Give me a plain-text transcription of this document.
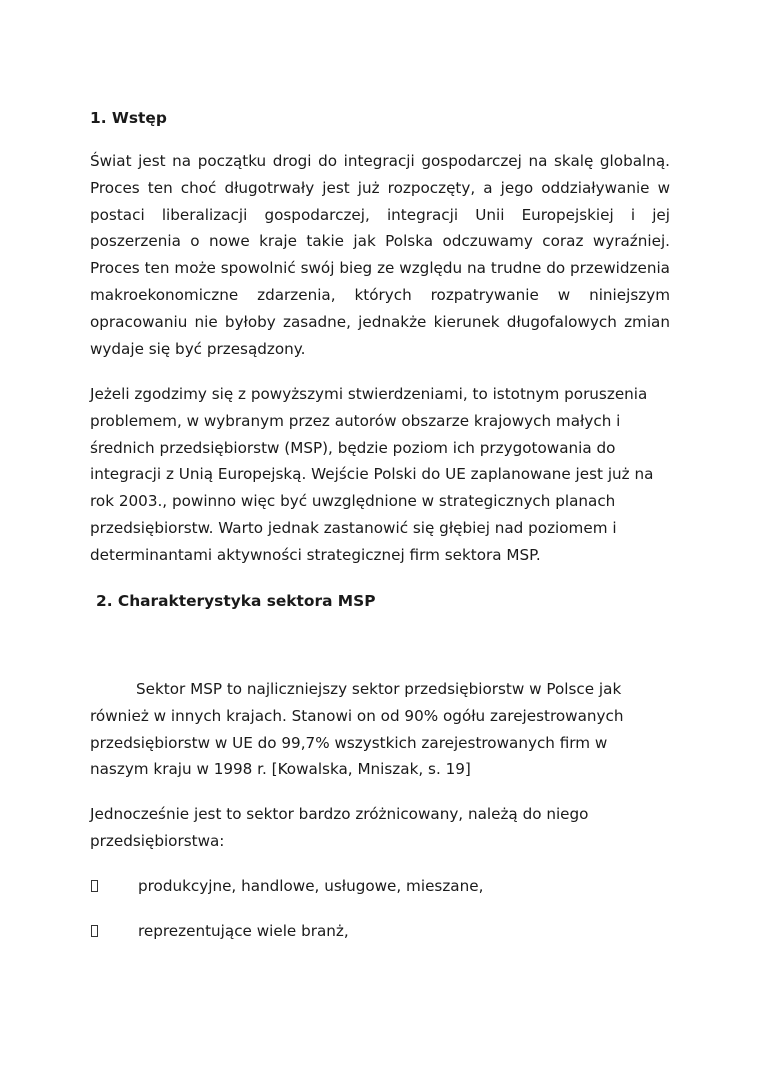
1. Wstęp
Świat jest na początku drogi do integracji gospodarczej na skalę globalną. Proces ten choć długotrwały jest już rozpoczęty, a jego oddziaływanie w postaci liberalizacji gospodarczej, integracji Unii Europejskiej i jej poszerzenia o nowe kraje takie jak Polska odczuwamy coraz wyraźniej. Proces ten może spowolnić swój bieg ze względu na trudne do przewidzenia makroekonomiczne zdarzenia, których rozpatrywanie w niniejszym opracowaniu nie byłoby zasadne, jednakże kierunek długofalowych zmian wydaje się być przesądzony.
Jeżeli zgodzimy się z powyższymi stwierdzeniami, to istotnym poruszenia problemem, w wybranym przez autorów obszarze krajowych małych i średnich przedsiębiorstw (MSP), będzie poziom ich przygotowania do integracji z Unią Europejską. Wejście Polski do UE zaplanowane jest już na rok 2003., powinno więc być uwzględnione w strategicznych planach przedsiębiorstw. Warto jednak zastanowić się głębiej nad poziomem i determinantami aktywności strategicznej firm sektora MSP.
2. Charakterystyka sektora MSP
Sektor MSP to najliczniejszy sektor przedsiębiorstw w Polsce jak również w innych krajach. Stanowi on od 90% ogółu zarejestrowanych przedsiębiorstw w UE do 99,7% wszystkich zarejestrowanych firm w naszym kraju w 1998 r. [Kowalska, Mniszak, s. 19]
Jednocześnie jest to sektor bardzo zróżnicowany, należą do niego przedsiębiorstwa:
produkcyjne, handlowe, usługowe, mieszane,
reprezentujące wiele branż,
